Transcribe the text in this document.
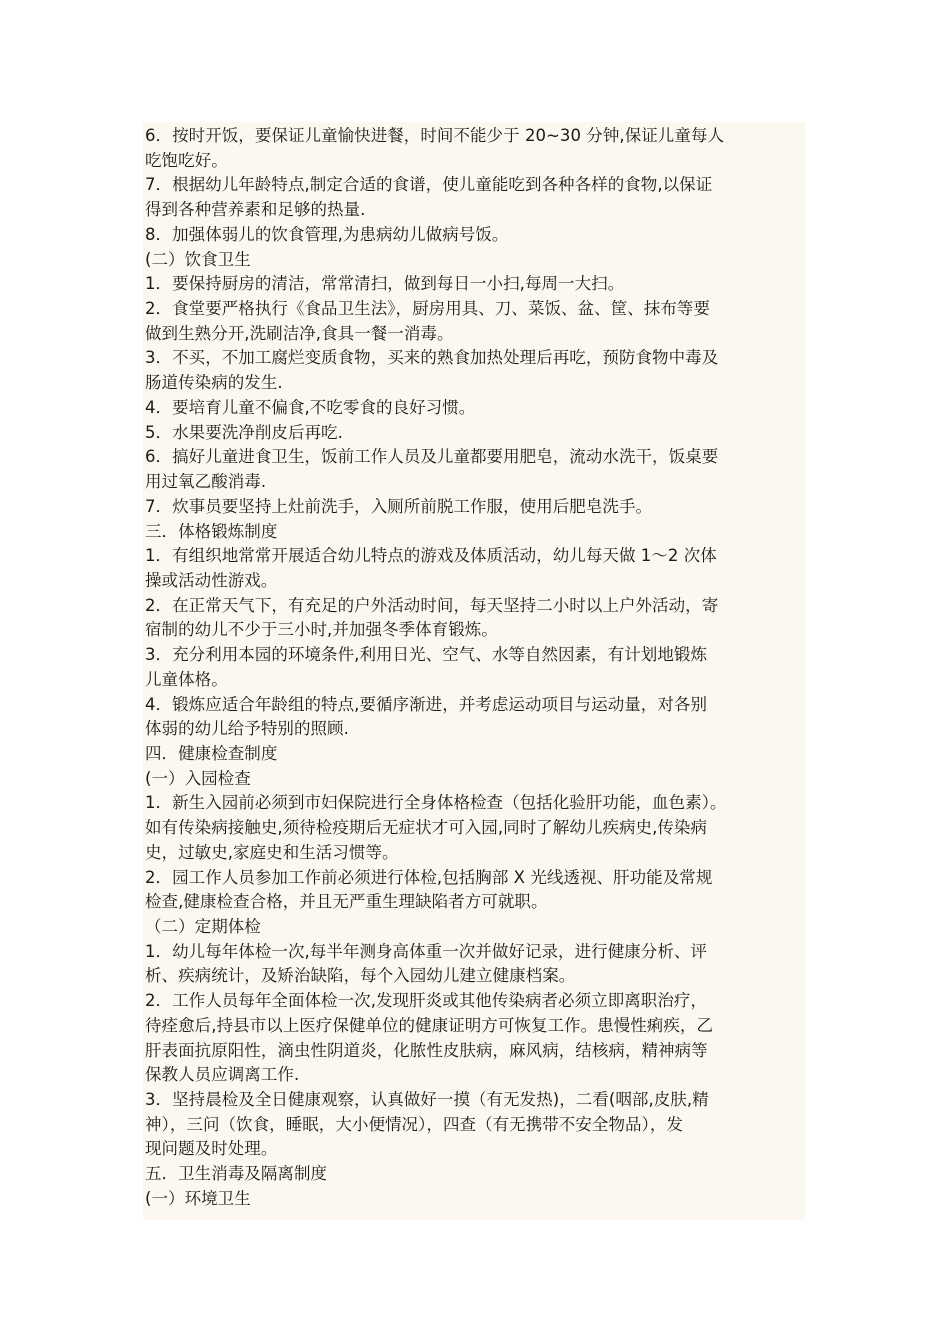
6．按时开饭，要保证儿童愉快进餐，时间不能少于 20~30 分钟,保证儿童每人
吃饱吃好。
7．根据幼儿年龄特点,制定合适的食谱，使儿童能吃到各种各样的食物,以保证
得到各种营养素和足够的热量.
8．加强体弱儿的饮食管理,为患病幼儿做病号饭。
(二）饮食卫生
1．要保持厨房的清洁，常常清扫，做到每日一小扫,每周一大扫。
2．食堂要严格执行《食品卫生法》，厨房用具、刀、菜饭、盆、筐、抹布等要
做到生熟分开,洗刷洁净,食具一餐一消毒。
3．不买，不加工腐烂变质食物，买来的熟食加热处理后再吃，预防食物中毒及
肠道传染病的发生.
4．要培育儿童不偏食,不吃零食的良好习惯。
5．水果要洗净削皮后再吃.
6．搞好儿童进食卫生，饭前工作人员及儿童都要用肥皂，流动水洗干，饭桌要
用过氧乙酸消毒.
7．炊事员要坚持上灶前洗手，入厕所前脱工作服，使用后肥皂洗手。
三．体格锻炼制度
1．有组织地常常开展适合幼儿特点的游戏及体质活动，幼儿每天做 1～2 次体
操或活动性游戏。
2．在正常天气下，有充足的户外活动时间，每天坚持二小时以上户外活动，寄
宿制的幼儿不少于三小时,并加强冬季体育锻炼。
3．充分利用本园的环境条件,利用日光、空气、水等自然因素，有计划地锻炼
儿童体格。
4．锻炼应适合年龄组的特点,要循序渐进，并考虑运动项目与运动量，对各别
体弱的幼儿给予特别的照顾.
四．健康检查制度
(一）入园检查
1．新生入园前必须到市妇保院进行全身体格检查（包括化验肝功能，血色素）。
如有传染病接触史,须待检疫期后无症状才可入园,同时了解幼儿疾病史,传染病
史，过敏史,家庭史和生活习惯等。
2．园工作人员参加工作前必须进行体检,包括胸部 X 光线透视、肝功能及常规
检查,健康检查合格，并且无严重生理缺陷者方可就职。
（二）定期体检
1．幼儿每年体检一次,每半年测身高体重一次并做好记录，进行健康分析、评
析、疾病统计，及矫治缺陷，每个入园幼儿建立健康档案。
2．工作人员每年全面体检一次,发现肝炎或其他传染病者必须立即离职治疗，
待痊愈后,持县市以上医疗保健单位的健康证明方可恢复工作。患慢性痢疾，乙
肝表面抗原阳性，滴虫性阴道炎，化脓性皮肤病，麻风病，结核病，精神病等
保教人员应调离工作.
3．坚持晨检及全日健康观察，认真做好一摸（有无发热)，二看(咽部,皮肤,精
神），三问（饮食，睡眠，大小便情况），四查（有无携带不安全物品），发
现问题及时处理。
五．卫生消毒及隔离制度
(一）环境卫生
